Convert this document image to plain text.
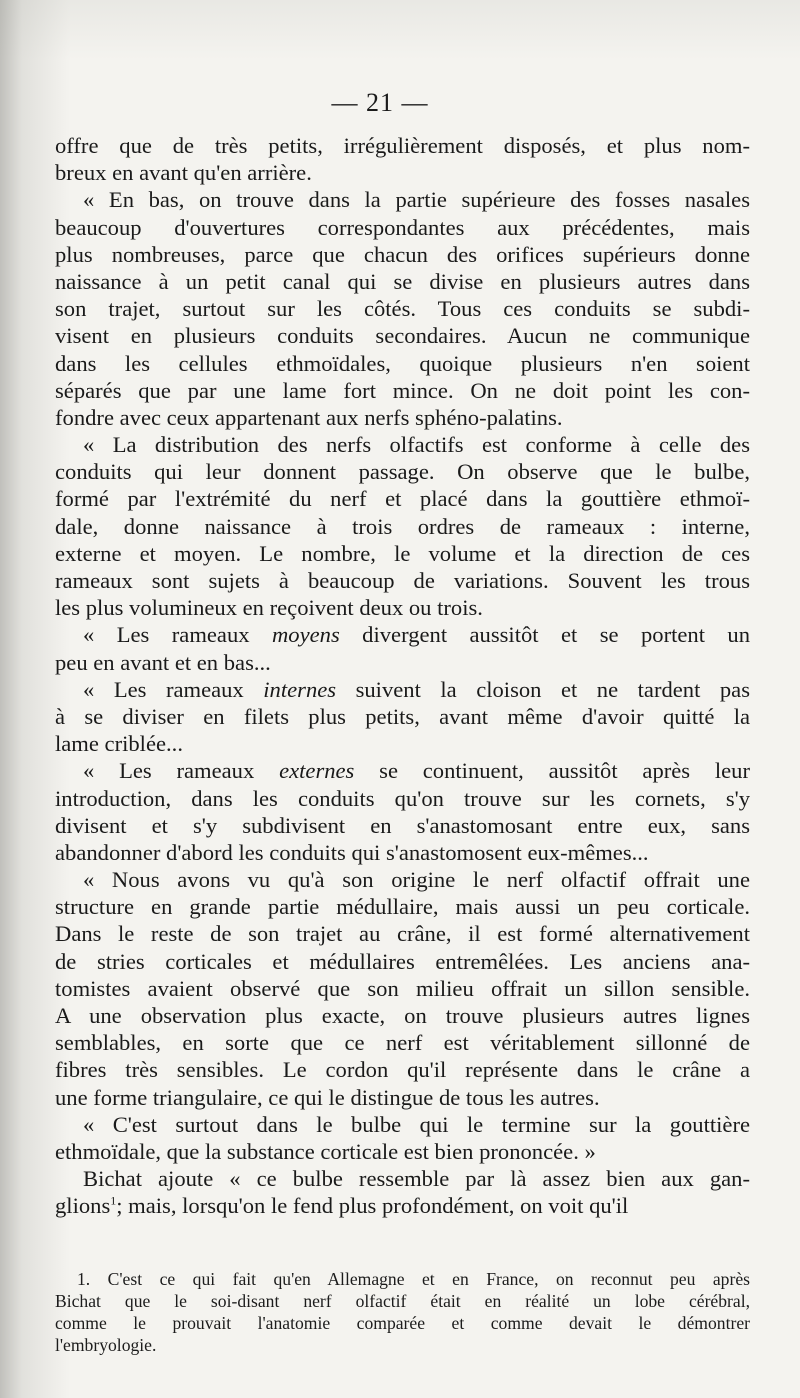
— 21 —
offre que de très petits, irrégulièrement disposés, et plus nom-
breux en avant qu'en arrière.
« En bas, on trouve dans la partie supérieure des fosses nasales
beaucoup d'ouvertures correspondantes aux précédentes, mais
plus nombreuses, parce que chacun des orifices supérieurs donne
naissance à un petit canal qui se divise en plusieurs autres dans
son trajet, surtout sur les côtés. Tous ces conduits se subdi-
visent en plusieurs conduits secondaires. Aucun ne communique
dans les cellules ethmoïdales, quoique plusieurs n'en soient
séparés que par une lame fort mince. On ne doit point les con-
fondre avec ceux appartenant aux nerfs sphéno-palatins.
« La distribution des nerfs olfactifs est conforme à celle des
conduits qui leur donnent passage. On observe que le bulbe,
formé par l'extrémité du nerf et placé dans la gouttière ethmoï-
dale, donne naissance à trois ordres de rameaux : interne,
externe et moyen. Le nombre, le volume et la direction de ces
rameaux sont sujets à beaucoup de variations. Souvent les trous
les plus volumineux en reçoivent deux ou trois.
« Les rameaux moyens divergent aussitôt et se portent un
peu en avant et en bas...
« Les rameaux internes suivent la cloison et ne tardent pas
à se diviser en filets plus petits, avant même d'avoir quitté la
lame criblée...
« Les rameaux externes se continuent, aussitôt après leur
introduction, dans les conduits qu'on trouve sur les cornets, s'y
divisent et s'y subdivisent en s'anastomosant entre eux, sans
abandonner d'abord les conduits qui s'anastomosent eux-mêmes...
« Nous avons vu qu'à son origine le nerf olfactif offrait une
structure en grande partie médullaire, mais aussi un peu corticale.
Dans le reste de son trajet au crâne, il est formé alternativement
de stries corticales et médullaires entremêlées. Les anciens ana-
tomistes avaient observé que son milieu offrait un sillon sensible.
A une observation plus exacte, on trouve plusieurs autres lignes
semblables, en sorte que ce nerf est véritablement sillonné de
fibres très sensibles. Le cordon qu'il représente dans le crâne a
une forme triangulaire, ce qui le distingue de tous les autres.
« C'est surtout dans le bulbe qui le termine sur la gouttière
ethmoïdale, que la substance corticale est bien prononcée. »
Bichat ajoute « ce bulbe ressemble par là assez bien aux gan-
glions$^1$; mais, lorsqu'on le fend plus profondément, on voit qu'il
1. C'est ce qui fait qu'en Allemagne et en France, on reconnut peu après
Bichat que le soi-disant nerf olfactif était en réalité un lobe cérébral,
comme le prouvait l'anatomie comparée et comme devait le démontrer
l'embryologie.
